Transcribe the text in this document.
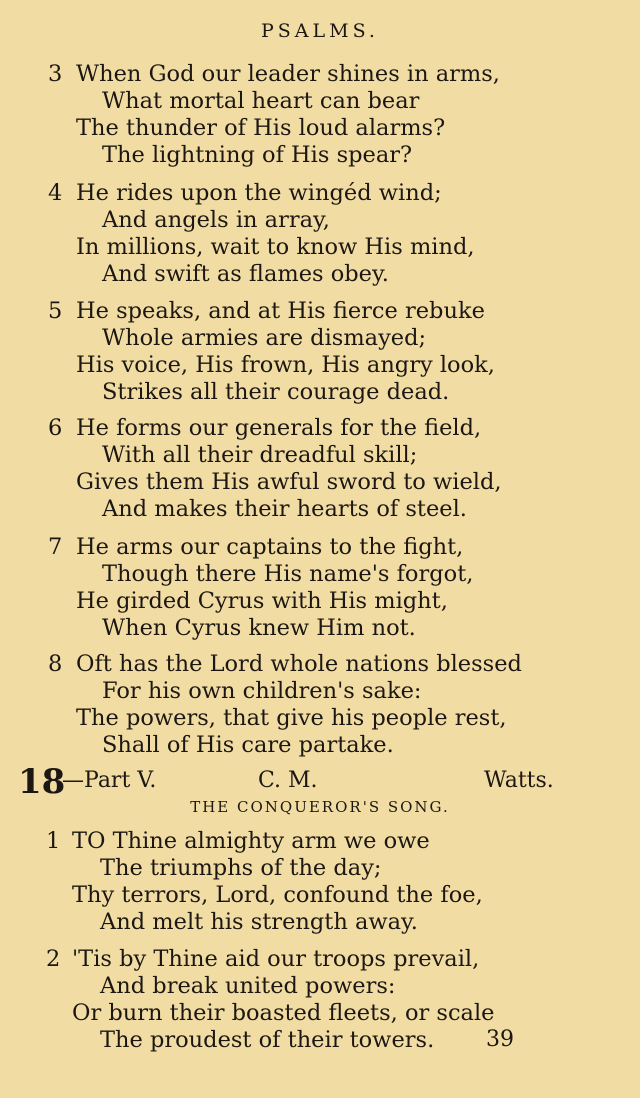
PSALMS.
3 When God our leader shines in arms,
What mortal heart can bear
The thunder of His loud alarms?
The lightning of His spear?
4 He rides upon the wingéd wind;
And angels in array,
In millions, wait to know His mind,
And swift as flames obey.
5 He speaks, and at His fierce rebuke
Whole armies are dismayed;
His voice, His frown, His angry look,
Strikes all their courage dead.
6 He forms our generals for the field,
With all their dreadful skill;
Gives them His awful sword to wield,
And makes their hearts of steel.
7 He arms our captains to the fight,
Though there His name's forgot,
He girded Cyrus with His might,
When Cyrus knew Him not.
8 Oft has the Lord whole nations blessed
For his own children's sake:
The powers, that give his people rest,
Shall of His care partake.
18
—Part V.	C. M.	Watts.
THE CONQUEROR'S SONG.
1 TO Thine almighty arm we owe
The triumphs of the day;
Thy terrors, Lord, confound the foe,
And melt his strength away.
2 'Tis by Thine aid our troops prevail,
And break united powers:
Or burn their boasted fleets, or scale
The proudest of their towers. 39
